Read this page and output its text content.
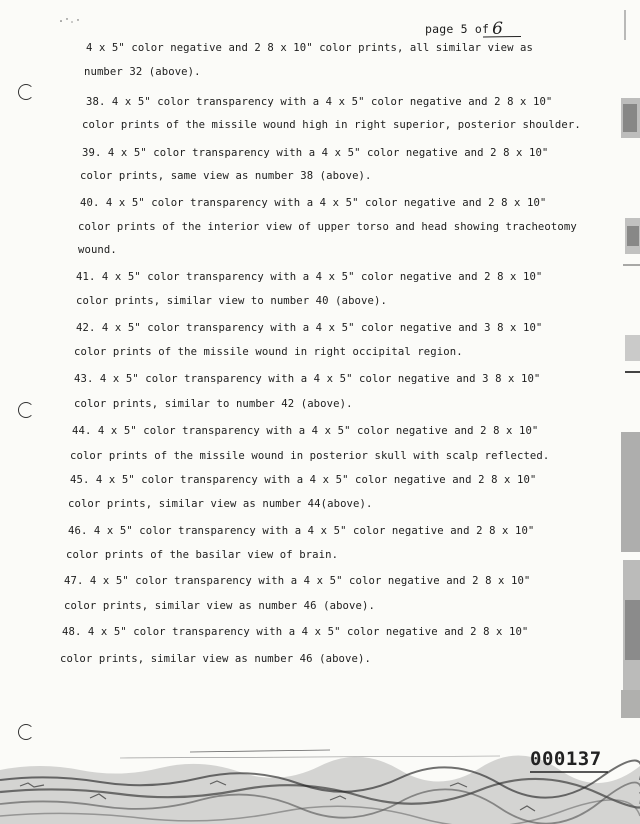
page 5 of 6
4 x 5" color negative and 2 8 x 10" color prints, all similar view as
number 32 (above).
38. 4 x 5" color transparency with a 4 x 5" color negative and 2 8 x 10"
color prints of the missile wound high in right superior, posterior shoulder.
39. 4 x 5" color transparency with a 4 x 5" color negative and 2 8 x 10"
color prints, same view as number 38 (above).
40. 4 x 5" color transparency with a 4 x 5" color negative and 2 8 x 10"
color prints of the interior view of upper torso and head showing tracheotomy
wound.
41. 4 x 5" color transparency with a 4 x 5" color negative and 2 8 x 10"
color prints, similar view to number 40 (above).
42. 4 x 5" color transparency with a 4 x 5" color negative and 3 8 x 10"
color prints of the missile wound in right occipital region.
43. 4 x 5" color transparency with a 4 x 5" color negative and 3 8 x 10"
color prints, similar to number 42 (above).
44. 4 x 5" color transparency with a 4 x 5" color negative and 2 8 x 10"
color prints of the missile wound in posterior skull with scalp reflected.
45. 4 x 5" color transparency with a 4 x 5" color negative and 2 8 x 10"
color prints, similar view as number 44(above).
46. 4 x 5" color transparency with a 4 x 5" color negative and 2 8 x 10"
color prints of the basilar view of brain.
47. 4 x 5" color transparency with a 4 x 5" color negative and 2 8 x 10"
color prints, similar view as number 46 (above).
48. 4 x 5" color transparency with a 4 x 5" color negative and 2 8 x 10"
color prints, similar view as number 46 (above).
000137
